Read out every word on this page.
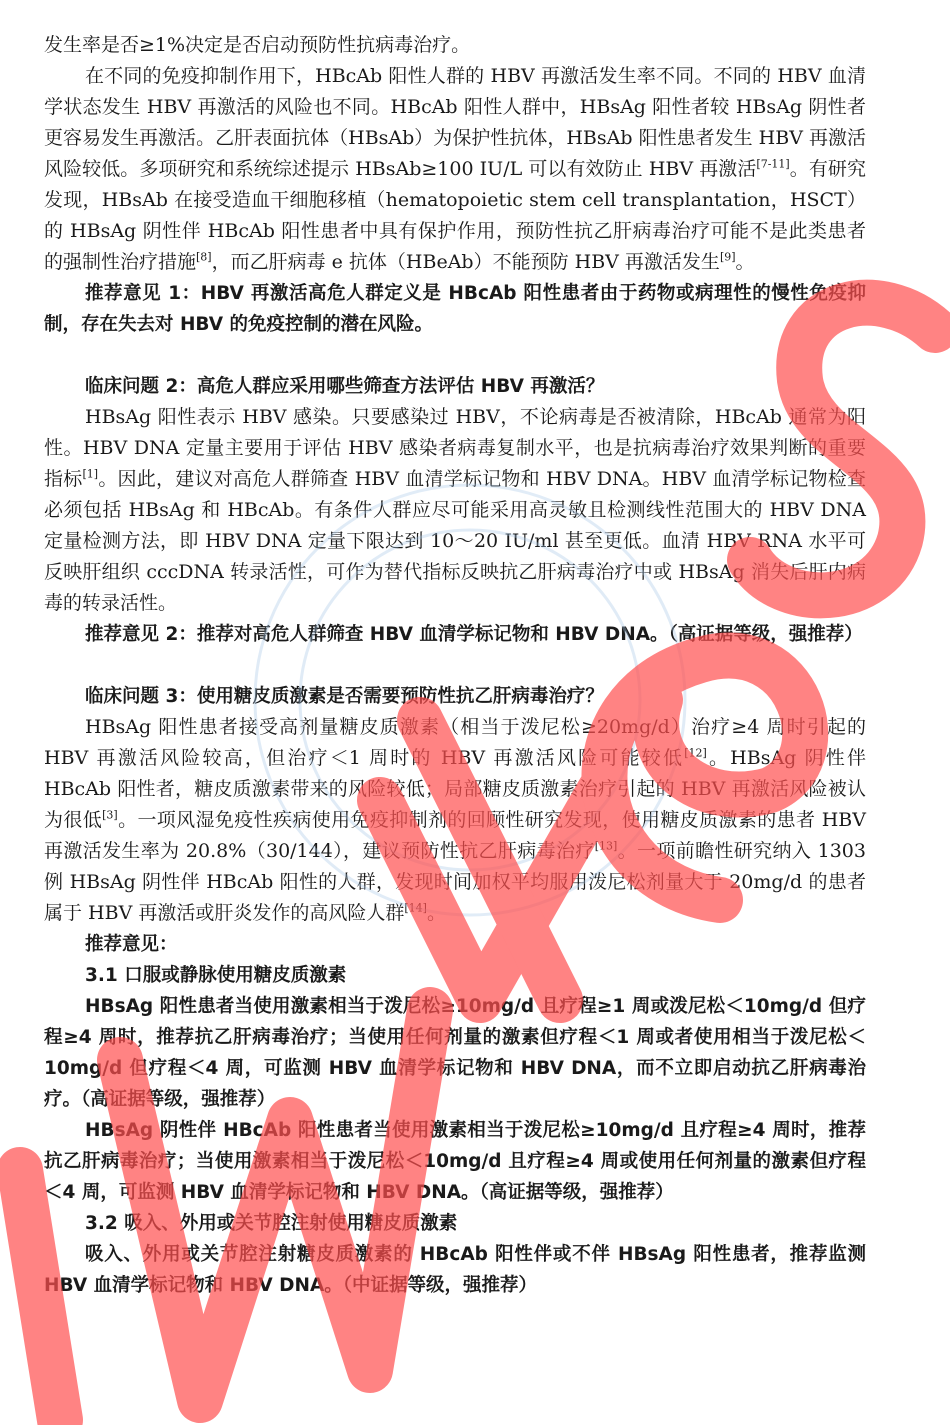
发生率是否≥1%决定是否启动预防性抗病毒治疗。

在不同的免疫抑制作用下，HBcAb 阳性人群的 HBV 再激活发生率不同。不同的 HBV 血清学状态发生 HBV 再激活的风险也不同。HBcAb 阳性人群中，HBsAg 阳性者较 HBsAg 阴性者更容易发生再激活。乙肝表面抗体（HBsAb）为保护性抗体，HBsAb 阳性患者发生 HBV 再激活风险较低。多项研究和系统综述提示 HBsAb≥100 IU/L 可以有效防止 HBV 再激活[7-11]。有研究发现，HBsAb 在接受造血干细胞移植（hematopoietic stem cell transplantation，HSCT）的 HBsAg 阴性伴 HBcAb 阳性患者中具有保护作用，预防性抗乙肝病毒治疗可能不是此类患者的强制性治疗措施[8]，而乙肝病毒 e 抗体（HBeAb）不能预防 HBV 再激活发生[9]。

推荐意见 1：HBV 再激活高危人群定义是 HBcAb 阳性患者由于药物或病理性的慢性免疫抑制，存在失去对 HBV 的免疫控制的潜在风险。

临床问题 2：高危人群应采用哪些筛查方法评估 HBV 再激活？

HBsAg 阳性表示 HBV 感染。只要感染过 HBV，不论病毒是否被清除，HBcAb 通常为阳性。HBV DNA 定量主要用于评估 HBV 感染者病毒复制水平，也是抗病毒治疗效果判断的重要指标[1]。因此，建议对高危人群筛查 HBV 血清学标记物和 HBV DNA。HBV 血清学标记物检查必须包括 HBsAg 和 HBcAb。有条件人群应尽可能采用高灵敏且检测线性范围大的 HBV DNA 定量检测方法，即 HBV DNA 定量下限达到 10～20 IU/ml 甚至更低。血清 HBV RNA 水平可反映肝组织 cccDNA 转录活性，可作为替代指标反映抗乙肝病毒治疗中或 HBsAg 消失后肝内病毒的转录活性。

推荐意见 2：推荐对高危人群筛查 HBV 血清学标记物和 HBV DNA。（高证据等级，强推荐）

临床问题 3：使用糖皮质激素是否需要预防性抗乙肝病毒治疗？

HBsAg 阳性患者接受高剂量糖皮质激素（相当于泼尼松≥20mg/d）治疗≥4 周时引起的 HBV 再激活风险较高，但治疗＜1 周时的 HBV 再激活风险可能较低[12]。HBsAg 阴性伴 HBcAb 阳性者，糖皮质激素带来的风险较低；局部糖皮质激素治疗引起的 HBV 再激活风险被认为很低[3]。一项风湿免疫性疾病使用免疫抑制剂的回顾性研究发现，使用糖皮质激素的患者 HBV 再激活发生率为 20.8%（30/144），建议预防性抗乙肝病毒治疗[13]。一项前瞻性研究纳入 1303 例 HBsAg 阴性伴 HBcAb 阳性的人群，发现时间加权平均服用泼尼松剂量大于 20mg/d 的患者属于 HBV 再激活或肝炎发作的高风险人群[14]。

推荐意见：

3.1 口服或静脉使用糖皮质激素

HBsAg 阳性患者当使用激素相当于泼尼松≥10mg/d 且疗程≥1 周或泼尼松＜10mg/d 但疗程≥4 周时，推荐抗乙肝病毒治疗；当使用任何剂量的激素但疗程＜1 周或者使用相当于泼尼松＜10mg/d 但疗程＜4 周，可监测 HBV 血清学标记物和 HBV DNA，而不立即启动抗乙肝病毒治疗。（高证据等级，强推荐）

HBsAg 阴性伴 HBcAb 阳性患者当使用激素相当于泼尼松≥10mg/d 且疗程≥4 周时，推荐抗乙肝病毒治疗；当使用激素相当于泼尼松＜10mg/d 且疗程≥4 周或使用任何剂量的激素但疗程＜4 周，可监测 HBV 血清学标记物和 HBV DNA。（高证据等级，强推荐）

3.2 吸入、外用或关节腔注射使用糖皮质激素

吸入、外用或关节腔注射糖皮质激素的 HBcAb 阳性伴或不伴 HBsAg 阳性患者，推荐监测 HBV 血清学标记物和 HBV DNA。（中证据等级，强推荐）
